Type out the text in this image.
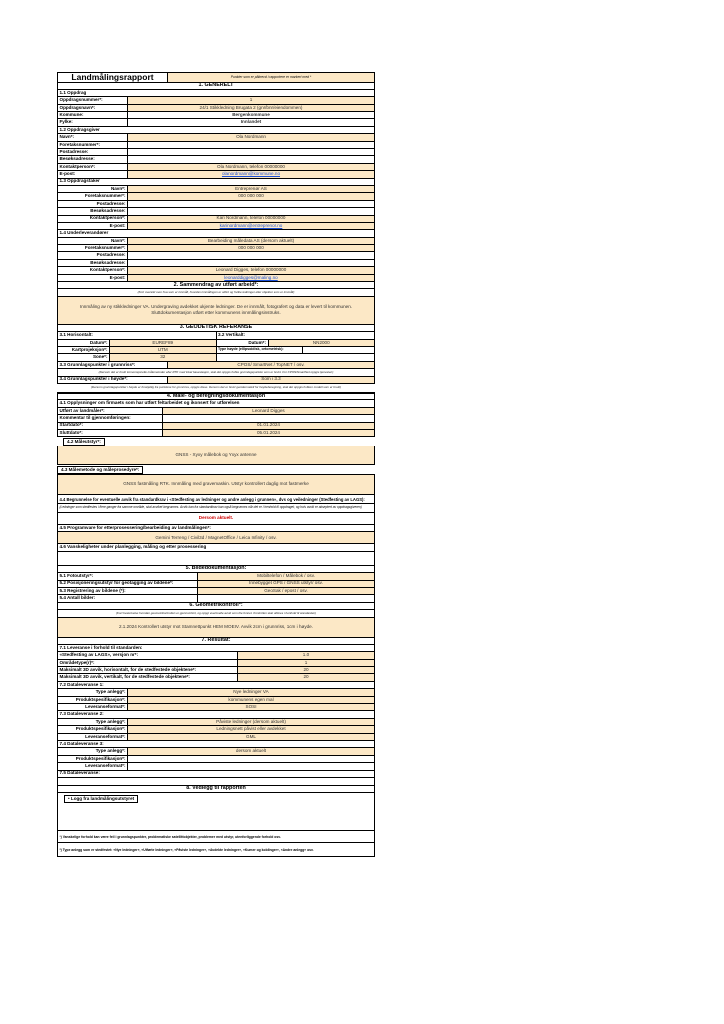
Landmålingsrapport	Punkter som er påkrevd i rapportere er markert med *
1. GENERELT
1.1 Oppdrag
Oppdragsnummer*:	1
Oppdragsnavn*:	24/1 Stikkledning Brugata 2 (gnr/bnr/eiendommen)
Kommune:	Bergenkommune
Fylke:	Innlandet
1.2 Oppdragsgiver
Navn*:	Ola Nordmann
Foretaksnummer*:
Postadresse:
Besøksadresse:
Kontaktperson*:	Ola Nordmann, telefon 00000000
E-post:	olanordmann@kommune.no
1.3 Oppdragstaker
Navn*:	Entreprenør AS
Foretaksnummer*:	000 000 000
Postadresse:
Besøksadresse:
Kontaktperson*:	Kari Nordmann, telefon 00000000
E-post:	karinordmann@entreprenor.no
1.4 Underleverandører
Navn*:	Bearbeiding måledata AS (dersom aktuelt)
Foretaksnummer*:	000 000 000
Postadresse:
Besøksadresse:
Kontaktperson*:	Leonard Digges, telefon 00000000
E-post:	leonarddigges@maling.no
2. Sammendrag av utført arbeid*:
(Kort oversikt over hva som er innmålt, hvordan innmålingen er utført og hvilke ledninger eller objekter som er innmålt)
Innmåling av ny stikkledninger VA. Undergraving avdekket ukjente ledninger. De er innmålt, fotografert og data er levert til kommunen. Sluttdokumentasjon utført etter kommunens innmålingsinstruks.
3. GEODETISK REFERANSE
3.1 Horisontalt:	3.2 Vertikalt:
Datum*:	EUREF89	Datum*:	NN2000
Kartprojeksjon*:	UTM	Type høyde (ellipsoidisk, ortometrisk):
Sone*:	32
3.3 Grunnlagspunkter i grunnriss*:	CPOS/ SmartNet / TopNET / osv.
(Dersom det er brukt konvensjonelle målemetoder eller RTK med lokal basestasjon, skal det oppgis hvilke grunnlagspunkter som er brukt. For CPOS/SmartNet oppgis tjenesten)
3.4 Grunnlagspunkter i høyde*:	Som i 3.3
(Dersom grunnlagspunkter i høyde er forskjellig fra punktene for grunnriss, oppgis disse. Dersom det er brukt geoidemodell for høydeberegning, skal det oppgis hvilken modell som er brukt)
4. Måle- og beregningsdokumentasjon
4.1 Opplysninger om firmaets som har utført feltarbeidet og ikonsert for utførelsen
Utført av landmåler*:	Leonard Digges
Kommentar til gjennomføringen:
Startdato*:	01.01.2024
Sluttdato*:	05.01.2024
4.2 Måleutstyr*:
GNSS - Xyxy målebok og Yxyx antenne
4.3 Målemetode og måleprosedyre*:
GNSS fastmåling RTK. Innmåling med gravemaskin. Utstyr kontrollert daglig mot fastmerke
4.4 Begrunnelse for eventuelle avvik fra standardkrav i «Stedfesting av ledninger og andre anlegg i grunnen», dvs og veiledninger (Stedfesting av LAGS):
(Ledninger som stedfestes i flere ganger fra samme område, skal avviket begrunnes. Avvik kan fra standardkrav kan også begrunnes når det er i henhold til oppdraget, og hvis avvik er akseptert av oppdragsgiveren)
Dersom aktuelt.
4.5 Programvare for etterprosessering/bearbeiding av landmålingen*:
Gemini Terreng / Civil3d / MagnetOffice / Leica Infinity / osv.
4.6 Vanskeligheter under planlegging, måling og etter prosessering
5. Bildedokumentasjon:
5.1 Fotoutstyr*:	Mobiltelefon / Målebok / osv.
5.2 Posisjoneringsutstyr for geotagging av bildene*:	Innebygget GPS / GNSS utstyr/ osv.
5.3 Registrering av bildene (*):	GeoSak / epost / osv.
5.4 Antall bilder:
6. Geometrikontroll*:
(Kort beskrivelse hvordan geometrikontrollen er gjennomført, og oppgi eventuelle avvik som ble funnet. Kontrollen skal utføres i henhold til standarden)
2.1.2024 Kontrollert utstyr mot Stamnettpunkt HEM MOEIV. Avvik 2cm i grunnriss, 1cm i høyde.
7. Resultat:
7.1 Leveranse i forhold til standarden:
«Stedfesting av LAGS», versjon nr*:	1.0
Områdetype(r)*:	1
Maksimalt 3D avvik, horisontalt, for de stedfestede objektene*:	20
Maksimalt 3D avvik, vertikalt, for de stedfestede objektene*:	20
7.2 Dataleveranse 1:
Type anlegg*:	Nye ledninger VA
Produktspesifikasjon*:	kommunens egen mal
Leveranseformat*:	SOSI
7.3 Dataleveranse 2:
Type anlegg*:	Påviste ledninger (dersom aktuelt)
Produktspesifikasjon*:	Ledningsnett påvist eller avdekket
Leveranseformat*:	GML
7.4 Dataleveranse 3:
Type anlegg*:	dersom aktuelt
Produktspesifikasjon*:
Leveranseformat*:
7.5 Dataleveranse:
8. Vedlegg til rapporten
• Logg fra landmålingsutstyret
¹) Vanskelige forhold kan være feil i grunnlagspunkter, problematiske satellittobjekter, problemer med utstyr, utenforliggende forhold osv.
²) Type anlegg som er stedfestet: «Nye ledninger», «Utførte ledninger», «Påviste ledninger», «Avdekte ledninger», «Kumer og koblinger», «Andre anlegg» osv.
